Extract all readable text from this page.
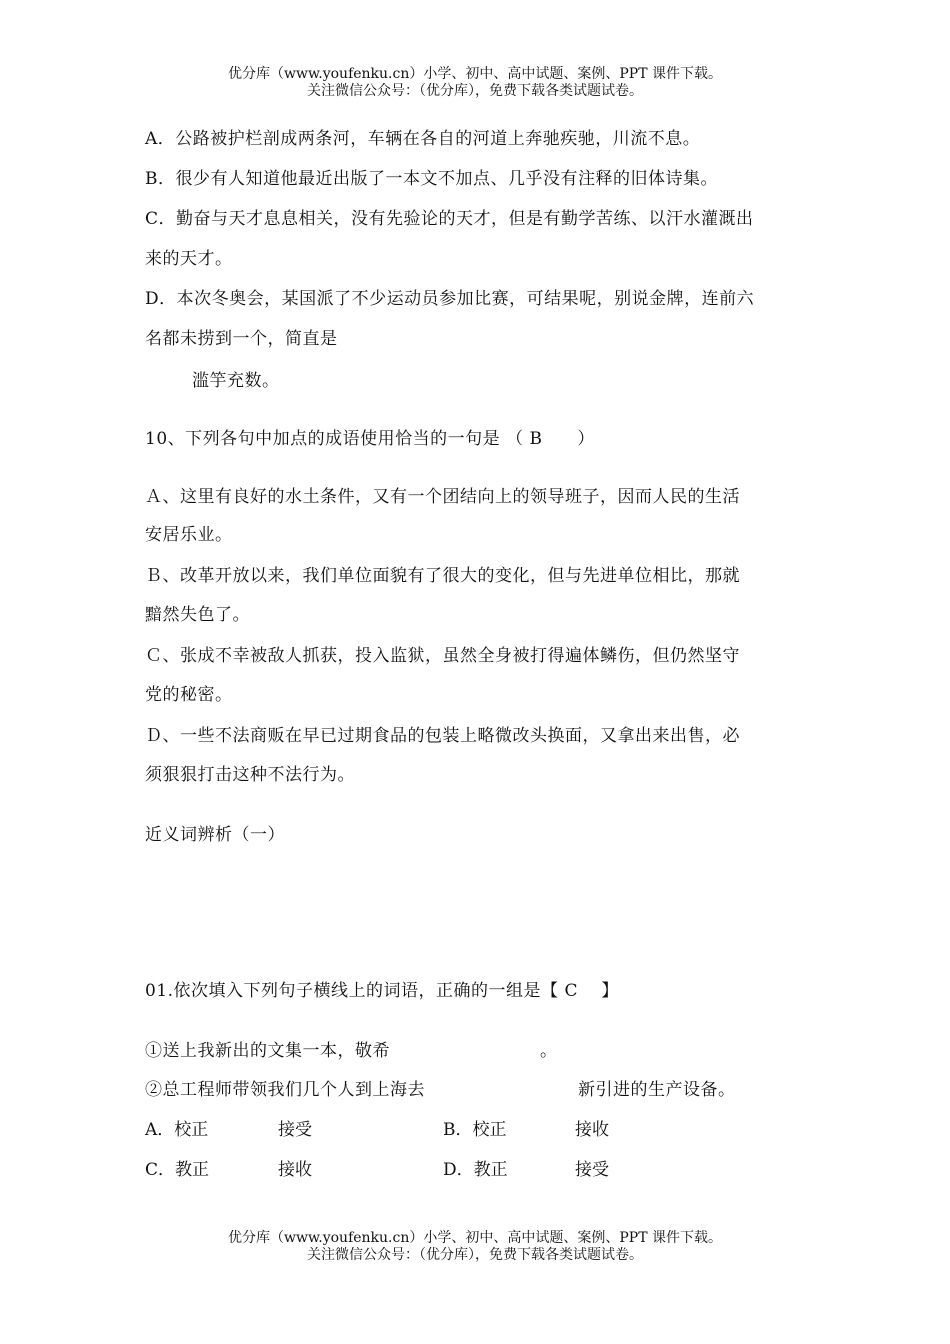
优分库（www.youfenku.cn）小学、初中、高中试题、案例、PPT 课件下载。
关注微信公众号：（优分库），免费下载各类试题试卷。
A．公路被护栏剖成两条河，车辆在各自的河道上奔驰疾驰，川流不息。
B．很少有人知道他最近出版了一本文不加点、几乎没有注释的旧体诗集。
C．勤奋与天才息息相关，没有先验论的天才，但是有勤学苦练、以汗水灌溉出
来的天才。
D．本次冬奥会，某国派了不少运动员参加比赛，可结果呢，别说金牌，连前六
名都未捞到一个，简直是
滥竽充数。
10、下列各句中加点的成语使用恰当的一句是 （ B　　）
Ａ、这里有良好的水土条件，又有一个团结向上的领导班子，因而人民的生活
安居乐业。
Ｂ、改革开放以来，我们单位面貌有了很大的变化，但与先进单位相比，那就
黯然失色了。
Ｃ、张成不幸被敌人抓获，投入监狱，虽然全身被打得遍体鳞伤，但仍然坚守
党的秘密。
Ｄ、一些不法商贩在早已过期食品的包装上略微改头换面，又拿出来出售，必
须狠狠打击这种不法行为。
近义词辨析（一）
01.依次填入下列句子横线上的词语，正确的一组是【 C　 】
①送上我新出的文集一本，敬希	。
②总工程师带领我们几个人到上海去	新引进的生产设备。
A．校正	接受	B．校正	接收
C．教正	接收	D．教正	接受
优分库（www.youfenku.cn）小学、初中、高中试题、案例、PPT 课件下载。
关注微信公众号：（优分库），免费下载各类试题试卷。
